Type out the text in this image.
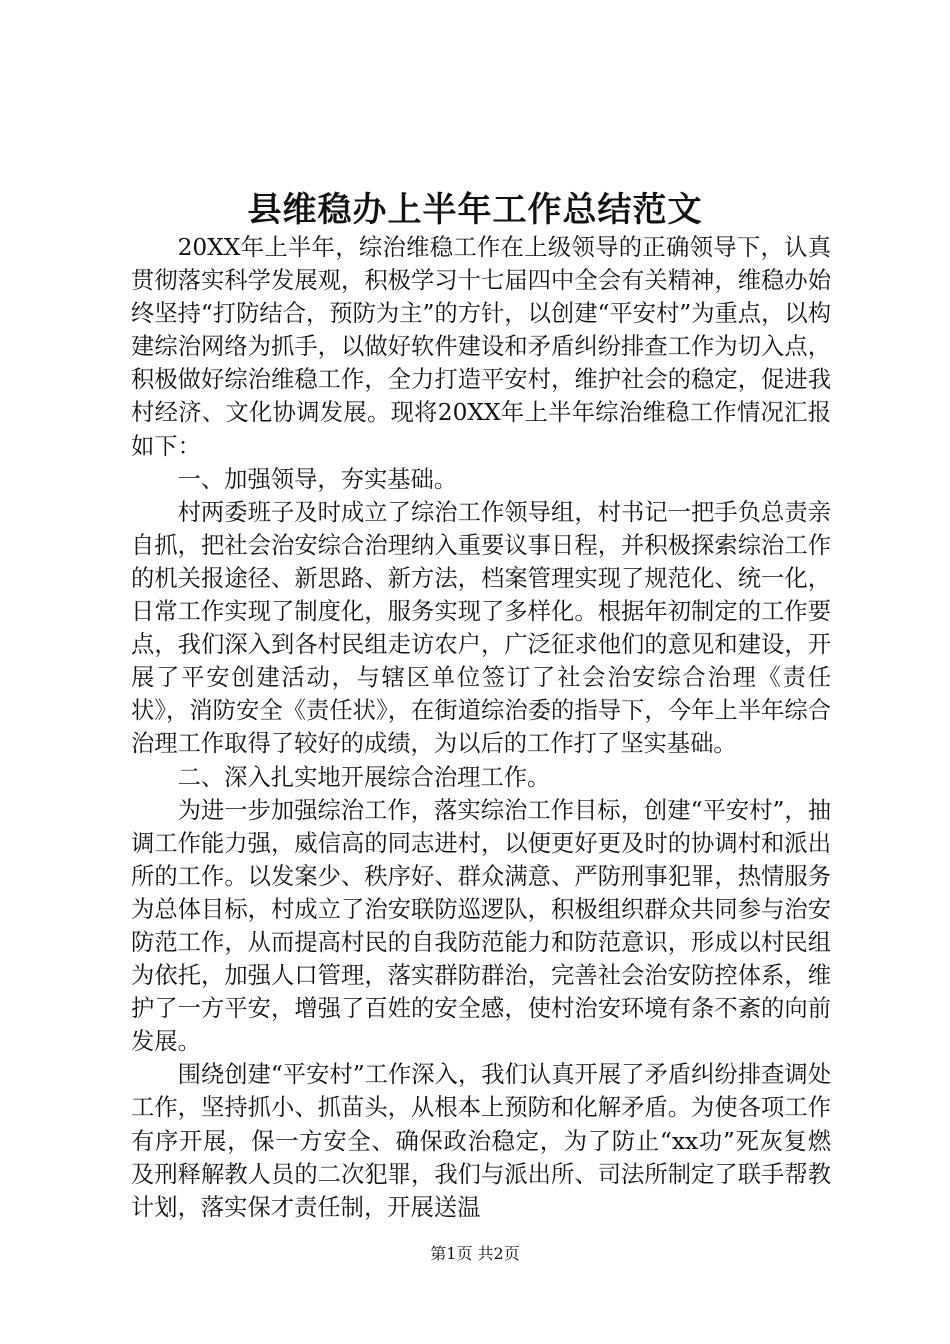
县维稳办上半年工作总结范文

20XX年上半年，综治维稳工作在上级领导的正确领导下，认真贯彻落实科学发展观，积极学习十七届四中全会有关精神，维稳办始终坚持“打防结合，预防为主”的方针，以创建“平安村”为重点，以构建综治网络为抓手，以做好软件建设和矛盾纠纷排查工作为切入点，积极做好综治维稳工作，全力打造平安村，维护社会的稳定，促进我村经济、文化协调发展。现将20XX年上半年综治维稳工作情况汇报如下：

一、加强领导，夯实基础。

村两委班子及时成立了综治工作领导组，村书记一把手负总责亲自抓，把社会治安综合治理纳入重要议事日程，并积极探索综治工作的机关报途径、新思路、新方法，档案管理实现了规范化、统一化，日常工作实现了制度化，服务实现了多样化。根据年初制定的工作要点，我们深入到各村民组走访农户，广泛征求他们的意见和建设，开展了平安创建活动，与辖区单位签订了社会治安综合治理《责任状》，消防安全《责任状》，在街道综治委的指导下，今年上半年综合治理工作取得了较好的成绩，为以后的工作打了坚实基础。

二、深入扎实地开展综合治理工作。

为进一步加强综治工作，落实综治工作目标，创建“平安村”，抽调工作能力强，威信高的同志进村，以便更好更及时的协调村和派出所的工作。以发案少、秩序好、群众满意、严防刑事犯罪，热情服务为总体目标，村成立了治安联防巡逻队，积极组织群众共同参与治安防范工作，从而提高村民的自我防范能力和防范意识，形成以村民组为依托，加强人口管理，落实群防群治，完善社会治安防控体系，维护了一方平安，增强了百姓的安全感，使村治安环境有条不紊的向前发展。

围绕创建“平安村”工作深入，我们认真开展了矛盾纠纷排查调处工作，坚持抓小、抓苗头，从根本上预防和化解矛盾。为使各项工作有序开展，保一方安全、确保政治稳定，为了防止“xx功”死灰复燃及刑释解教人员的二次犯罪，我们与派出所、司法所制定了联手帮教计划，落实保才责任制，开展送温

第1页 共2页
